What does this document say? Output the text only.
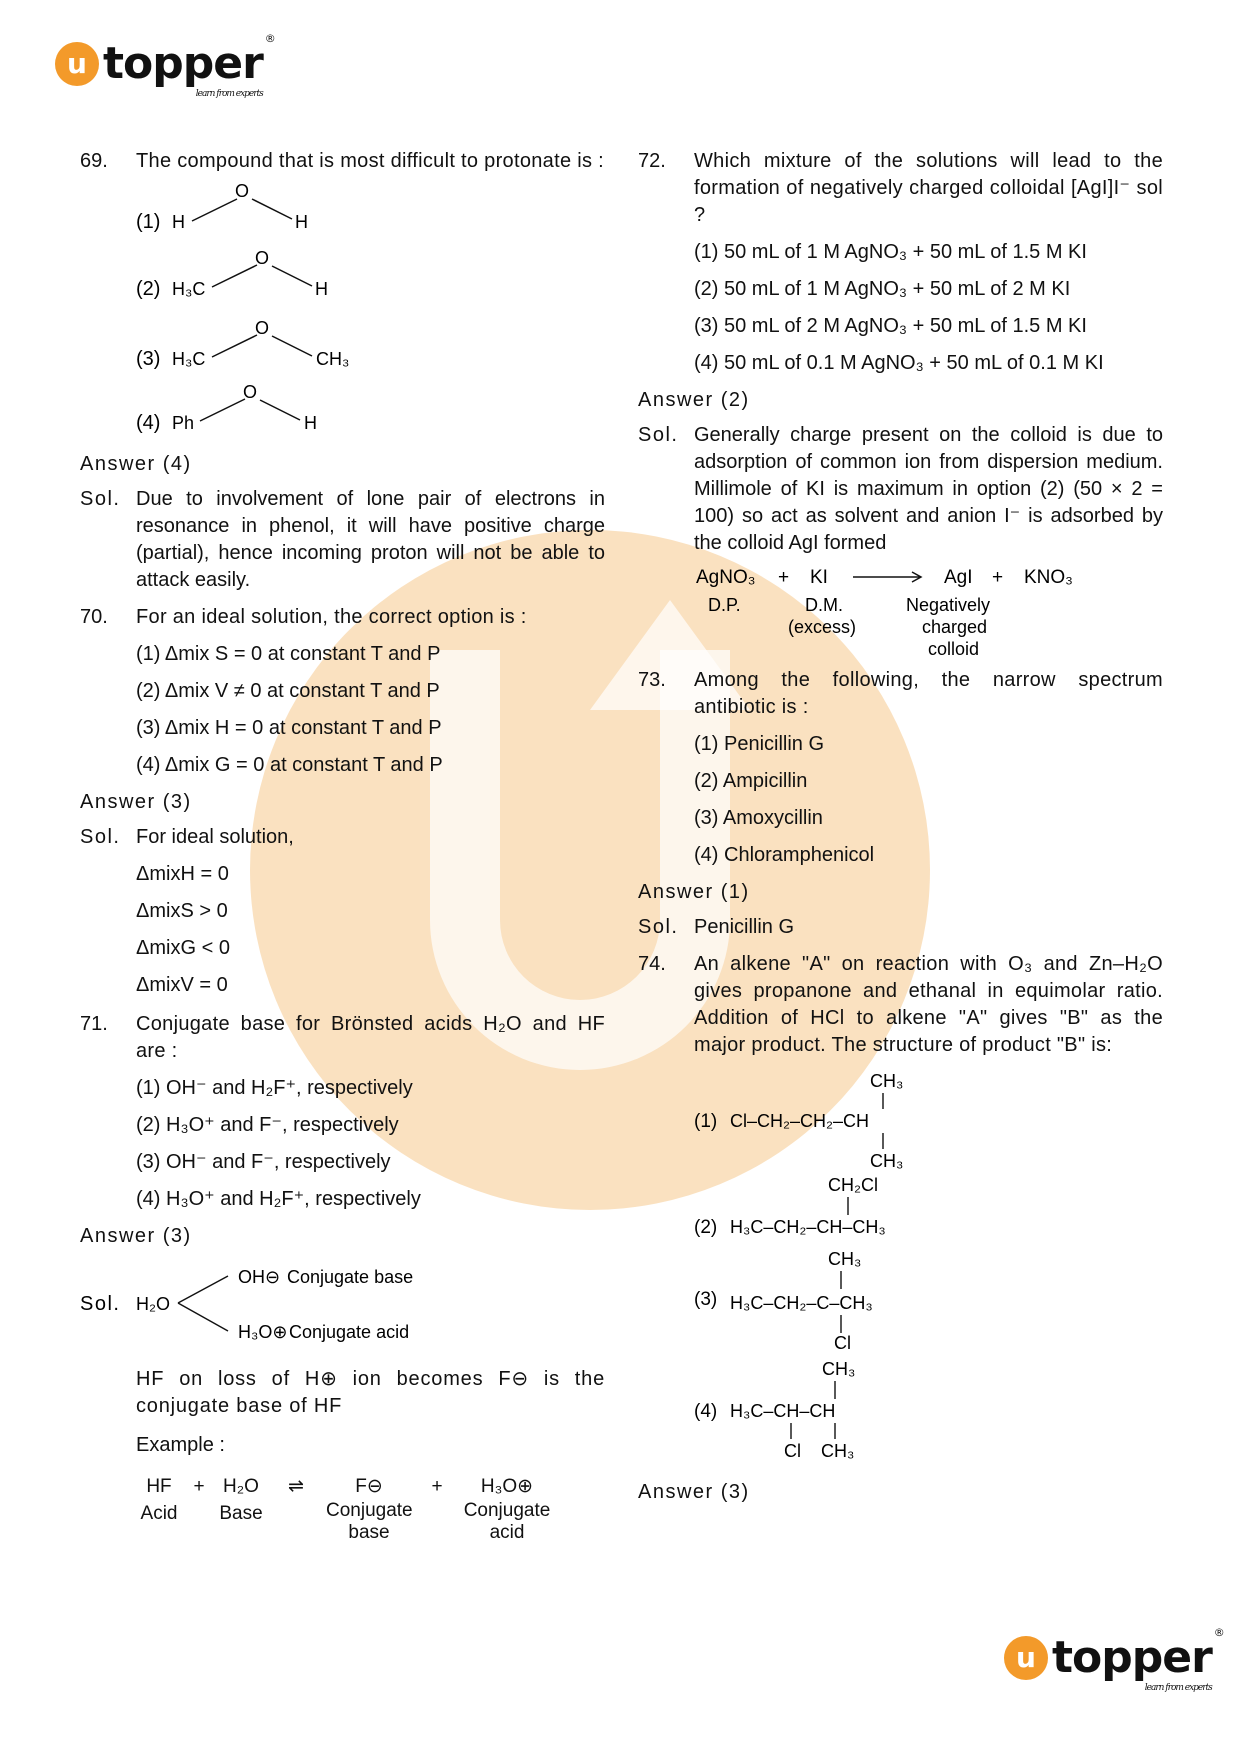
u topper ®
learn from experts
u topper ®
learn from experts
69.	The compound that is most difficult to protonate is :
(1) H
O
H
(2) H₃C
O
H
(3) H₃C
O
CH₃
(4) Ph
O
H
Answer (4)
Sol. Due to involvement of lone pair of electrons in resonance in phenol, it will have positive charge (partial), hence incoming proton will not be able to attack easily.
70.	For an ideal solution, the correct option is :
(1) Δmix S = 0 at constant T and P
(2) Δmix V ≠ 0 at constant T and P
(3) Δmix H = 0 at constant T and P
(4) Δmix G = 0 at constant T and P
Answer (3)
Sol. For ideal solution,
ΔmixH = 0
ΔmixS > 0
ΔmixG < 0
ΔmixV = 0
71.	Conjugate base for Brönsted acids H₂O and HF are :
(1) OH⁻ and H₂F⁺, respectively
(2) H₃O⁺ and F⁻, respectively
(3) OH⁻ and F⁻, respectively
(4) H₃O⁺ and H₂F⁺, respectively
Answer (3)
Sol. H₂O
OH⊖ Conjugate base
H₃O⊕ Conjugate acid
HF on loss of H⊕ ion becomes F⊖ is the conjugate base of HF
Example :
HF
Acid
+ H₂O
Base
⇌	F⊖
Conjugate base
+	H₃O⊕
Conjugate acid
72.	Which mixture of the solutions will lead to the formation of negatively charged colloidal [AgI]I⁻ sol ?
(1) 50 mL of 1 M AgNO₃ + 50 mL of 1.5 M KI
(2) 50 mL of 1 M AgNO₃ + 50 mL of 2 M KI
(3) 50 mL of 2 M AgNO₃ + 50 mL of 1.5 M KI
(4) 50 mL of 0.1 M AgNO₃ + 50 mL of 0.1 M KI
Answer (2)
Sol. Generally charge present on the colloid is due to adsorption of common ion from dispersion medium. Millimole of KI is maximum in option (2) (50 × 2 = 100) so act as solvent and anion I⁻ is adsorbed by the colloid AgI formed
AgNO₃ + KI	AgI + KNO₃
D.P.	D.M.
(excess)
Negatively
charged
colloid
73.	Among the following, the narrow spectrum antibiotic is :
(1) Penicillin G
(2) Ampicillin
(3) Amoxycillin
(4) Chloramphenicol
Answer (1)
Sol. Penicillin G
74.	An alkene "A" on reaction with O₃ and Zn–H₂O gives propanone and ethanal in equimolar ratio. Addition of HCl to alkene "A" gives "B" as the major product. The structure of product "B" is:
CH₃
(1) Cl–CH₂–CH₂–CH
CH₃
CH₂Cl
(2) H₃C–CH₂–CH–CH₃
CH₃
(3) H₃C–CH₂–C–CH₃
Cl
CH₃
(4) H₃C–CH–CH
Cl CH₃
Answer (3)
